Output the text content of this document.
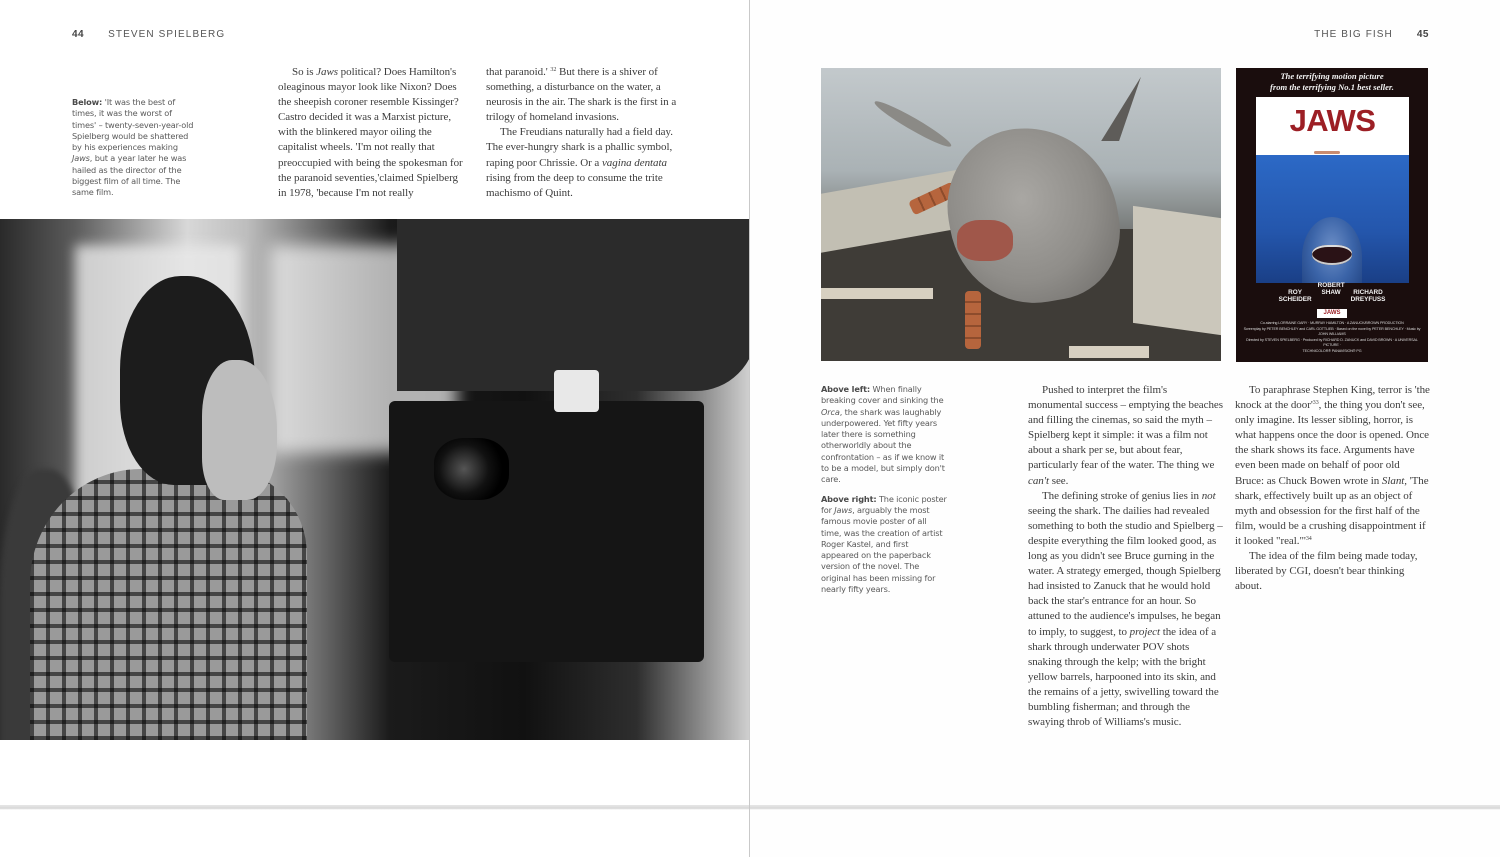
44 STEVEN SPIELBERG

Below: 'It was the best of times, it was the worst of times' – twenty-seven-year-old Spielberg would be shattered by his experiences making Jaws, but a year later he was hailed as the director of the biggest film of all time. The same film.

So is Jaws political? Does Hamilton's oleaginous mayor look like Nixon? Does the sheepish coroner resemble Kissinger? Castro decided it was a Marxist picture, with the blinkered mayor oiling the capitalist wheels. 'I'm not really that preoccupied with being the spokesman for the paranoid seventies,'claimed Spielberg in 1978, 'because I'm not really

that paranoid.' $^{32}$ But there is a shiver of something, a disturbance on the water, a neurosis in the air. The shark is the first in a trilogy of homeland invasions.

The Freudians naturally had a field day. The ever-hungry shark is a phallic symbol, raping poor Chrissie. Or a vagina dentata rising from the deep to consume the trite machismo of Quint.

THE BIG FISH 45
The terrifying motion picture
from the terrifying No.1 best seller.
JAWS
ROY
SCHEIDER
ROBERT
SHAW	RICHARD
DREYFUSS
JAWS
Co-starring LORRAINE GARY · MURRAY HAMILTON · A ZANUCK/BROWN PRODUCTION
Screenplay by PETER BENCHLEY and CARL GOTTLIEB · Based on the novel by PETER BENCHLEY · Music by JOHN WILLIAMS
Directed by STEVEN SPIELBERG · Produced by RICHARD D. ZANUCK and DAVID BROWN · A UNIVERSAL PICTURE ·
TECHNICOLOR® PANAVISION® PG

Above left: When finally breaking cover and sinking the Orca, the shark was laughably underpowered. Yet fifty years later there is something otherworldly about the confrontation – as if we know it to be a model, but simply don't care.

Above right: The iconic poster for Jaws, arguably the most famous movie poster of all time, was the creation of artist Roger Kastel, and first appeared on the paperback version of the novel. The original has been missing for nearly fifty years.

Pushed to interpret the film's monumental success – emptying the beaches and filling the cinemas, so said the myth – Spielberg kept it simple: it was a film not about a shark per se, but about fear, particularly fear of the water. The thing we can't see.

The defining stroke of genius lies in not seeing the shark. The dailies had revealed something to both the studio and Spielberg – despite everything the film looked good, as long as you didn't see Bruce gurning in the water. A strategy emerged, though Spielberg had insisted to Zanuck that he would hold back the star's entrance for an hour. So attuned to the audience's impulses, he began to imply, to suggest, to project the idea of a shark through underwater POV shots snaking through the kelp; with the bright yellow barrels, harpooned into its skin, and the remains of a jetty, swivelling toward the bumbling fisherman; and through the swaying throb of Williams's music.

To paraphrase Stephen King, terror is 'the knock at the $door'^{33}$, the thing you don't see, only imagine. Its lesser sibling, horror, is what happens once the door is opened. Once the shark shows its face. Arguments have even been made on behalf of poor old Bruce: as Chuck Bowen wrote in Slant, 'The shark, effectively built up as an object of myth and obsession for the first half of the film, would be a crushing disappointment if it looked "$real."'^{34}$

The idea of the film being made today, liberated by CGI, doesn't bear thinking about.
